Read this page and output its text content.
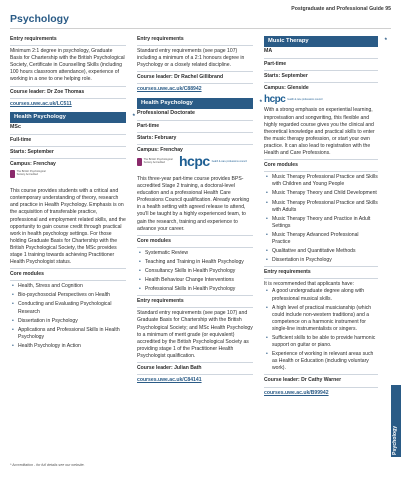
Postgraduate and Professional Guide 95
Psychology
Entry requirements

Minimum 2:1 degree in psychology, Graduate Basis for Chartership with the British Psychological Society, Certificate in Counselling Skills (including 100 hours classroom attendance), experience of working in a one to one helping role.

Course leader: Dr Zoe Thomas
courses.uwe.ac.uk/LC511
Health Psychology	*
MSc
Full-time
Starts: September
Campus: Frenchay
The British Psychological Society Accredited

This course provides students with a critical and contemporary understanding of theory, research and practice in Health Psychology. Emphasis is on the acquisition of transferable practice, professional and employment related skills, and the opportunity to gain course credit through practical work in health psychology settings. For those holding Graduate Basis for Chartership with the British Psychological Society, the MSc provides stage 1 training towards achieving Practitioner Health Psychologist status.

Core modules
• Health, Stress and Cognition
• Bio-psychosocial Perspectives on Health
• Conducting and Evaluating Psychological Research
• Dissertation in Psychology
• Applications and Professional Skills in Health Psychology
• Health Psychology in Action
Entry requirements

Standard entry requirements (see page 107) including a minimum of a 2:1 honours degree in Psychology or a closely related discipline.

Course leader: Dr Rachel Gillibrand
courses.uwe.ac.uk/C88942
Health Psychology	*
Professional Doctorate
Part-time
Starts: February
Campus: Frenchay
The British Psychological Society Accredited	hcpc health & care professions council

This three-year part-time course provides BPS-accredited Stage 2 training, a doctoral-level education and a professional Health Care Professions Council qualification. Already working in a health setting with agreed release to attend, you'll be taught by a highly experienced team, to gain the research, training and experience to advance your career.

Core modules
• Systematic Review
• Teaching and Training in Health Psychology
• Consultancy Skills in Health Psychology
• Health Behaviour Change Interventions
• Professional Skills in Health Psychology
Entry requirements

Standard entry requirements (see page 107) and Graduate Basis for Chartership with the British Psychological Society; and MSc Health Psychology to a minimum of merit grade (or equivalent) accredited by the British Psychological Society as providing stage 1 of the Practitioner Health Psychologist qualification.

Course leader: Julian Bath
courses.uwe.ac.uk/C84141
Music Therapy	*
MA
Part-time
Starts: September
Campus: Glenside
hcpc health & care professions council

With a strong emphasis on experiential learning, improvisation and songwriting, this flexible and highly regarded course gives you the clinical and theoretical knowledge and practical skills to enter the music therapy profession, or start your own practice. It can also lead to registration with the Health and Care Professions.

Core modules
• Music Therapy Professional Practice and Skills with Children and Young People
• Music Therapy Theory and Child Development
• Music Therapy Professional Practice and Skills with Adults
• Music Therapy Theory and Practice in Adult Settings
• Music Therapy Advanced Professional Practice
• Qualitative and Quantitative Methods
• Dissertation in Psychology
Entry requirements

It is recommended that applicants have:

• A good undergraduate degree along with professional musical skills.
• A high level of practical musicianship (which could include non-western traditions) and a competence on a harmonic instrument for single-line instrumentalists or singers.
• Sufficient skills to be able to provide harmonic support on guitar or piano.
• Experience of working in relevant areas such as Health or Education (including voluntary work).
Course leader: Dr Cathy Warner
courses.uwe.ac.uk/B99942
Psychology
* Accreditation - for full details see our website.
